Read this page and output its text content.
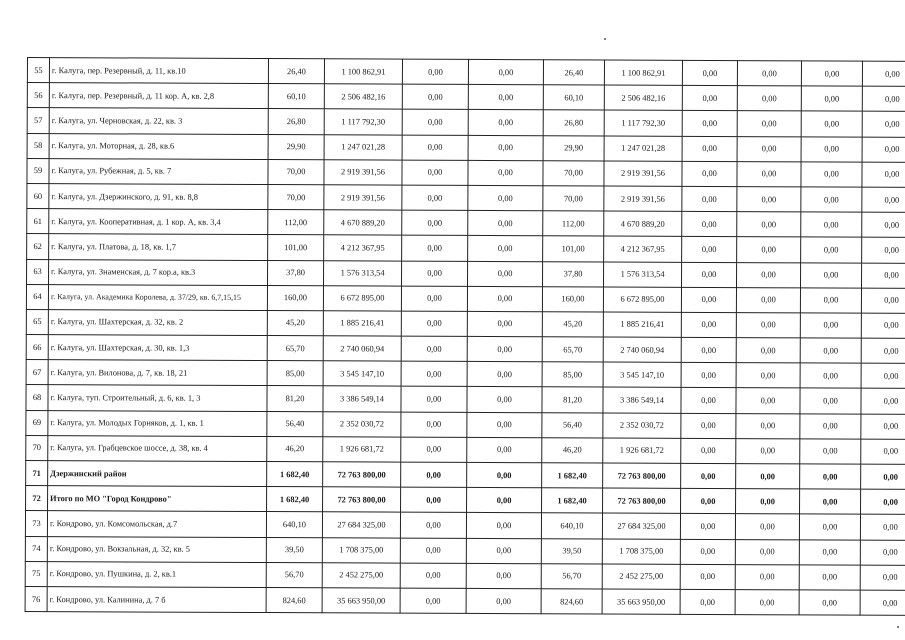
55	г. Калуга, пер. Резервный, д. 11, кв.10	26,40	1 100 862,91	0,00	0,00	26,40	1 100 862,91	0,00	0,00	0,00	0,00
56	г. Калуга, пер. Резервный, д. 11 кор. А, кв. 2,8	60,10	2 506 482,16	0,00	0,00	60,10	2 506 482,16	0,00	0,00	0,00	0,00
57	г. Калуга, ул. Черновская, д. 22, кв. 3	26,80	1 117 792,30	0,00	0,00	26,80	1 117 792,30	0,00	0,00	0,00	0,00
58	г. Калуга, ул. Моторная, д. 28, кв.6	29,90	1 247 021,28	0,00	0,00	29,90	1 247 021,28	0,00	0,00	0,00	0,00
59	г. Калуга, ул. Рубежная, д. 5, кв. 7	70,00	2 919 391,56	0,00	0,00	70,00	2 919 391,56	0,00	0,00	0,00	0,00
60	г. Калуга, ул. Дзержинского, д. 91, кв. 8,8	70,00	2 919 391,56	0,00	0,00	70,00	2 919 391,56	0,00	0,00	0,00	0,00
61	г. Калуга, ул. Кооперативная, д. 1 кор. А, кв. 3,4	112,00	4 670 889,20	0,00	0,00	112,00	4 670 889,20	0,00	0,00	0,00	0,00
62	г. Калуга, ул. Платова, д. 18, кв. 1,7	101,00	4 212 367,95	0,00	0,00	101,00	4 212 367,95	0,00	0,00	0,00	0,00
63	г. Калуга, ул. Знаменская, д. 7 кор.а, кв.3	37,80	1 576 313,54	0,00	0,00	37,80	1 576 313,54	0,00	0,00	0,00	0,00
64	г. Калуга, ул. Академика Королева, д. 37/29, кв. 6,7,15,15	160,00	6 672 895,00	0,00	0,00	160,00	6 672 895,00	0,00	0,00	0,00	0,00
65	г. Калуга, ул. Шахтерская, д. 32, кв. 2	45,20	1 885 216,41	0,00	0,00	45,20	1 885 216,41	0,00	0,00	0,00	0,00
66	г. Калуга, ул. Шахтерская, д. 30, кв. 1,3	65,70	2 740 060,94	0,00	0,00	65,70	2 740 060,94	0,00	0,00	0,00	0,00
67	г. Калуга, ул. Вилонова, д. 7, кв. 18, 21	85,00	3 545 147,10	0,00	0,00	85,00	3 545 147,10	0,00	0,00	0,00	0,00
68	г. Калуга, туп. Строительный, д. 6, кв. 1, 3	81,20	3 386 549,14	0,00	0,00	81,20	3 386 549,14	0,00	0,00	0,00	0,00
69	г. Калуга, ул. Молодых Горняков, д. 1, кв. 1	56,40	2 352 030,72	0,00	0,00	56,40	2 352 030,72	0,00	0,00	0,00	0,00
70	г. Калуга, ул. Грабцевское шоссе, д. 38, кв. 4	46,20	1 926 681,72	0,00	0,00	46,20	1 926 681,72	0,00	0,00	0,00	0,00
71	Дзержинский район	1 682,40	72 763 800,00	0,00	0,00	1 682,40	72 763 800,00	0,00	0,00	0,00	0,00
72	Итого по МО "Город Кондрово"	1 682,40	72 763 800,00	0,00	0,00	1 682,40	72 763 800,00	0,00	0,00	0,00	0,00
73	г. Кондрово, ул. Комсомольская, д.7	640,10	27 684 325,00	0,00	0,00	640,10	27 684 325,00	0,00	0,00	0,00	0,00
74	г. Кондрово, ул. Вокзальная, д. 32, кв. 5	39,50	1 708 375,00	0,00	0,00	39,50	1 708 375,00	0,00	0,00	0,00	0,00
75	г. Кондрово, ул. Пушкина, д. 2, кв.1	56,70	2 452 275,00	0,00	0,00	56,70	2 452 275,00	0,00	0,00	0,00	0,00
76	г. Кондрово, ул. Калинина, д. 7 б	824,60	35 663 950,00	0,00	0,00	824,60	35 663 950,00	0,00	0,00	0,00	0,00
